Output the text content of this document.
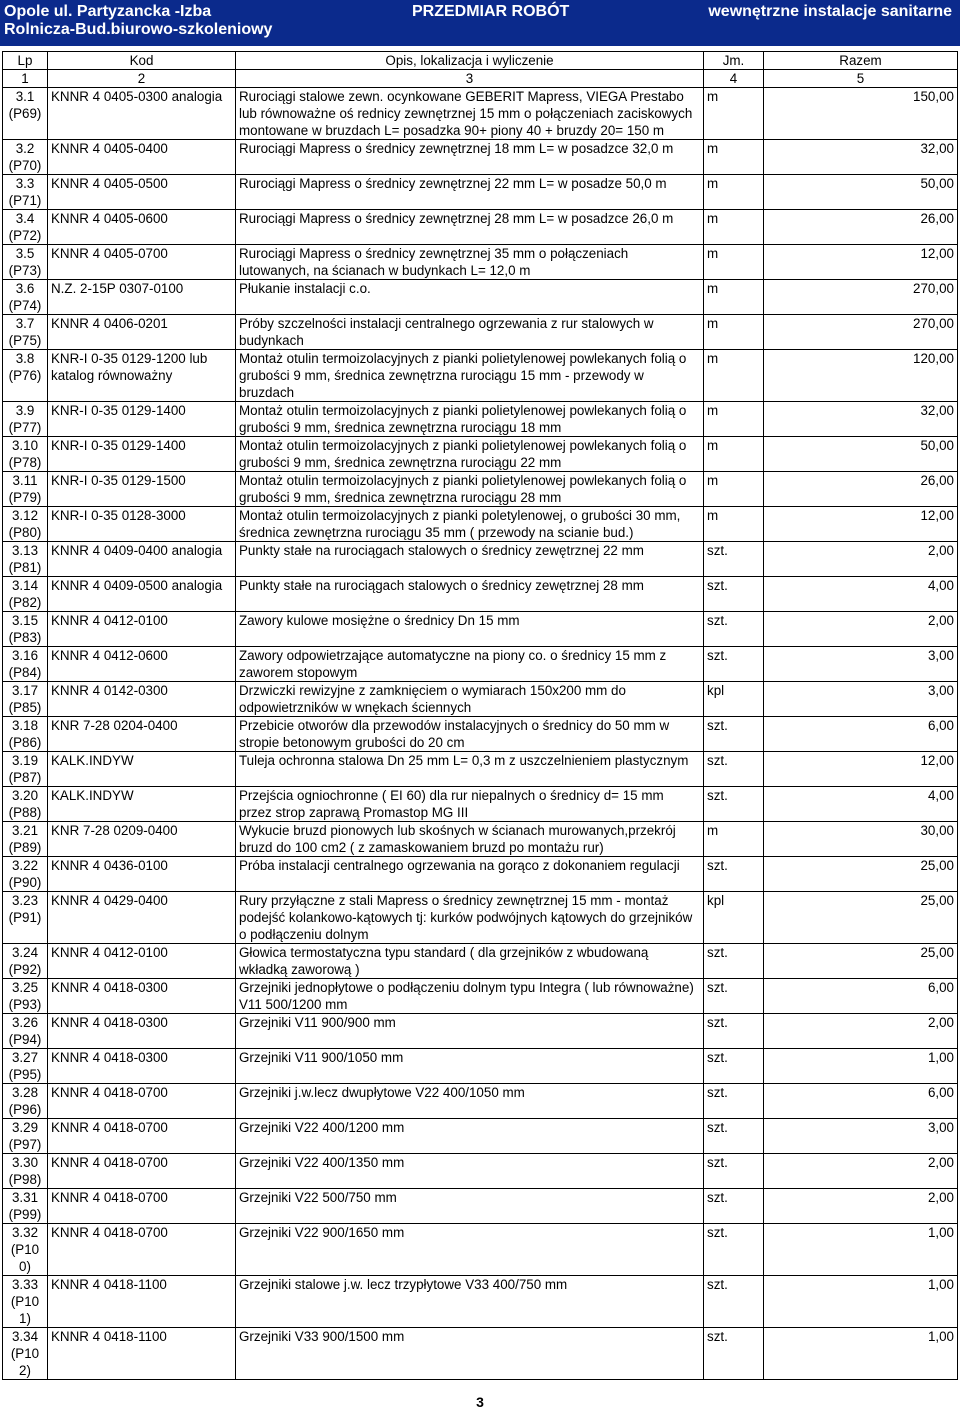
Opole ul. Partyzancka -Izba
Rolnicza-Bud.biurowo-szkoleniowy
PRZEDMIAR ROBÓT	wewnętrzne instalacje sanitarne
Lp	Kod	Opis, lokalizacja i wyliczenie	Jm.	Razem
1	2	3	4	5
3.1 (P69)	KNNR 4 0405-0300 analogia	Rurociągi stalowe zewn. ocynkowane GEBERIT Mapress, VIEGA Prestabo lub równoważne oś rednicy zewnętrznej 15 mm o połączeniach zaciskowych montowane w bruzdach L= posadzka 90+ piony 40 + bruzdy 20= 150 m	m	150,00
3.2 (P70)	KNNR 4 0405-0400	Rurociągi Mapress o średnicy zewnętrznej 18 mm L= w posadzce 32,0 m	m	32,00
3.3 (P71)	KNNR 4 0405-0500	Rurociągi Mapress o średnicy zewnętrznej 22 mm L= w posadze 50,0 m	m	50,00
3.4 (P72)	KNNR 4 0405-0600	Rurociągi Mapress o średnicy zewnętrznej 28 mm L= w posadzce 26,0 m	m	26,00
3.5 (P73)	KNNR 4 0405-0700	Rurociągi Mapress o średnicy zewnętrznej 35 mm o połączeniach lutowanych, na ścianach w budynkach L= 12,0 m	m	12,00
3.6 (P74)	N.Z. 2-15P 0307-0100	Płukanie instalacji c.o.	m	270,00
3.7 (P75)	KNNR 4 0406-0201	Próby szczelności instalacji centralnego ogrzewania z rur stalowych w budynkach	m	270,00
3.8 (P76)	KNR-I 0-35 0129-1200 lub katalog równoważny	Montaż otulin termoizolacyjnych z pianki polietylenowej powlekanych folią o grubości 9 mm, średnica zewnętrzna rurociągu 15 mm - przewody w bruzdach	m	120,00
3.9 (P77)	KNR-I 0-35 0129-1400	Montaż otulin termoizolacyjnych z pianki polietylenowej powlekanych folią o grubości 9 mm, średnica zewnętrzna rurociągu 18 mm	m	32,00
3.10 (P78)	KNR-I 0-35 0129-1400	Montaż otulin termoizolacyjnych z pianki polietylenowej powlekanych folią o grubości 9 mm, średnica zewnętrzna rurociągu 22 mm	m	50,00
3.11 (P79)	KNR-I 0-35 0129-1500	Montaż otulin termoizolacyjnych z pianki polietylenowej powlekanych folią o grubości 9 mm, średnica zewnętrzna rurociągu 28 mm	m	26,00
3.12 (P80)	KNR-I 0-35 0128-3000	Montaż otulin termoizolacyjnych z pianki poletylenowej, o grubości 30 mm, średnica zewnętrzna rurociągu 35 mm ( przewody na scianie bud.)	m	12,00
3.13 (P81)	KNNR 4 0409-0400 analogia	Punkty stałe na rurociągach stalowych o średnicy zewętrznej 22 mm	szt.	2,00
3.14 (P82)	KNNR 4 0409-0500 analogia	Punkty stałe na rurociągach stalowych o średnicy zewętrznej 28 mm	szt.	4,00
3.15 (P83)	KNNR 4 0412-0100	Zawory kulowe mosiężne o średnicy Dn 15 mm	szt.	2,00
3.16 (P84)	KNNR 4 0412-0600	Zawory odpowietrzające automatyczne na piony co. o średnicy 15 mm z zaworem stopowym	szt.	3,00
3.17 (P85)	KNNR 4 0142-0300	Drzwiczki rewizyjne z zamknięciem o wymiarach 150x200 mm do odpowietrzników w wnękach ściennych	kpl	3,00
3.18 (P86)	KNR 7-28 0204-0400	Przebicie otworów dla przewodów instalacyjnych o średnicy do 50 mm w stropie betonowym grubości do 20 cm	szt.	6,00
3.19 (P87)	KALK.INDYW	Tuleja ochronna stalowa Dn 25 mm L= 0,3 m z uszczelnieniem plastycznym	szt.	12,00
3.20 (P88)	KALK.INDYW	Przejścia ogniochronne ( EI 60) dla rur niepalnych o średnicy d= 15 mm przez strop zaprawą Promastop MG III	szt.	4,00
3.21 (P89)	KNR 7-28 0209-0400	Wykucie bruzd pionowych lub skośnych w ścianach murowanych,przekrój bruzd do 100 cm2 ( z zamaskowaniem bruzd po montażu rur)	m	30,00
3.22 (P90)	KNNR 4 0436-0100	Próba instalacji centralnego ogrzewania na gorąco z dokonaniem regulacji	szt.	25,00
3.23 (P91)	KNNR 4 0429-0400	Rury przyłączne z stali Mapress o średnicy zewnętrznej 15 mm - montaż podejść kolankowo-kątowych tj: kurków podwójnych kątowych do grzejników o podłączeniu dolnym	kpl	25,00
3.24 (P92)	KNNR 4 0412-0100	Głowica termostatyczna typu standard ( dla grzejników z wbudowaną wkładką zaworową )	szt.	25,00
3.25 (P93)	KNNR 4 0418-0300	Grzejniki jednopłytowe o podłączeniu dolnym typu Integra ( lub równoważne) V11 500/1200 mm	szt.	6,00
3.26 (P94)	KNNR 4 0418-0300	Grzejniki V11 900/900 mm	szt.	2,00
3.27 (P95)	KNNR 4 0418-0300	Grzejniki V11 900/1050 mm	szt.	1,00
3.28 (P96)	KNNR 4 0418-0700	Grzejniki j.w.lecz dwupłytowe V22 400/1050 mm	szt.	6,00
3.29 (P97)	KNNR 4 0418-0700	Grzejniki V22 400/1200 mm	szt.	3,00
3.30 (P98)	KNNR 4 0418-0700	Grzejniki V22 400/1350 mm	szt.	2,00
3.31 (P99)	KNNR 4 0418-0700	Grzejniki V22 500/750 mm	szt.	2,00
3.32 (P10 0)	KNNR 4 0418-0700	Grzejniki V22 900/1650 mm	szt.	1,00
3.33 (P10 1)	KNNR 4 0418-1100	Grzejniki stalowe j.w. lecz trzypłytowe V33 400/750 mm	szt.	1,00
3.34 (P10 2)	KNNR 4 0418-1100	Grzejniki V33 900/1500 mm	szt.	1,00
3
